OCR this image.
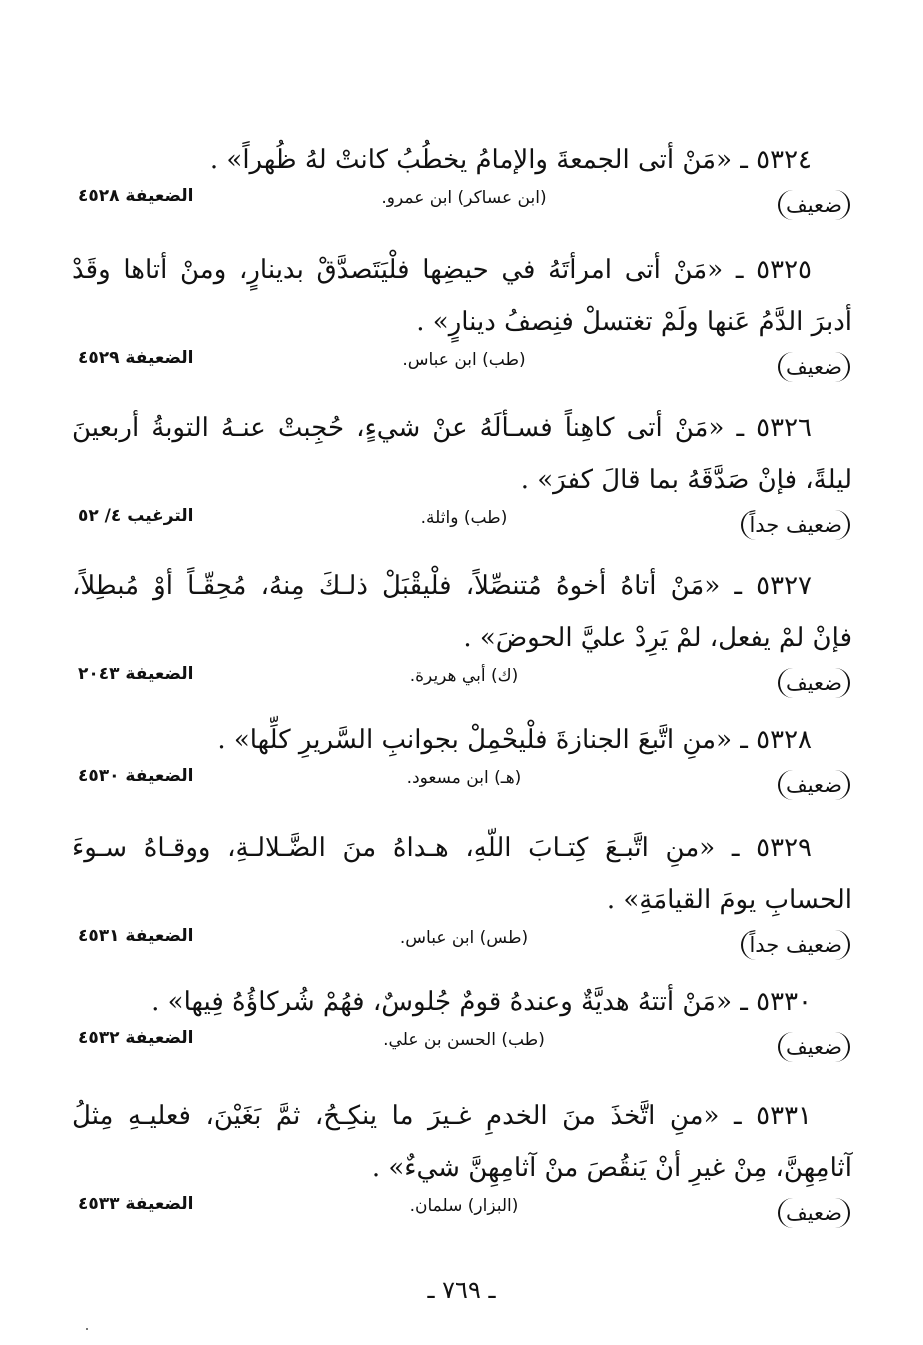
٥٣٢٤ ـ «مَنْ أتى الجمعةَ والإمامُ يخطُبُ كانتْ لهُ ظُهراً» .
ضعيف
(ابن عساكر) ابن عمرو.
الضعيفة ٤٥٢٨
٥٣٢٥ ـ «مَنْ أتى امرأتَهُ في حيضِها فلْيَتَصدَّقْ بدينارٍ، ومنْ أتاها وقَدْ
أدبرَ الدَّمُ عَنها ولَمْ تغتسلْ فنِصفُ دينارٍ» .
ضعيف
(طب) ابن عباس.
الضعيفة ٤٥٢٩
٥٣٢٦ ـ «مَنْ أتى كاهِناً فسـألَهُ عنْ شيءٍ، حُجِبتْ عنـهُ التوبةُ أربعينَ
ليلةً، فإنْ صَدَّقَهُ بما قالَ كفرَ» .
ضعيف جداً
(طب) واثلة.
الترغيب ٤/ ٥٢
٥٣٢٧ ـ «مَنْ أتاهُ أخوهُ مُتنصِّلاً، فلْيقْبَلْ ذلـكَ مِنهُ، مُحِقّـاً أوْ مُبطِلاً،
فإنْ لمْ يفعل، لمْ يَرِدْ عليَّ الحوضَ» .
ضعيف
(ك) أبي هريرة.
الضعيفة ٢٠٤٣
٥٣٢٨ ـ «منِ اتَّبعَ الجنازةَ فلْيحْمِلْ بجوانبِ السَّريرِ كلِّها» .
ضعيف
(هـ) ابن مسعود.
الضعيفة ٤٥٣٠
٥٣٢٩ ـ «منِ اتَّبـعَ كِتـابَ اللّهِ، هـداهُ منَ الضَّـلالـةِ، ووقـاهُ سـوءَ
الحسابِ يومَ القيامَةِ» .
ضعيف جداً
(طس) ابن عباس.
الضعيفة ٤٥٣١
٥٣٣٠ ـ «مَنْ أتتهُ هديَّةٌ وعندهُ قومٌ جُلوسٌ، فهُمْ شُركاؤُهُ فِيها» .
ضعيف
(طب) الحسن بن علي.
الضعيفة ٤٥٣٢
٥٣٣١ ـ «منِ اتَّخذَ منَ الخدمِ غـيرَ ما ينكِـحُ، ثمَّ بَغَيْنَ، فعليـهِ مِثلُ
آثامِهِنَّ، مِنْ غيرِ أنْ يَنقُصَ منْ آثامِهِنَّ شيءٌ» .
ضعيف
(البزار) سلمان.
الضعيفة ٤٥٣٣
ـ ٧٦٩ ـ
